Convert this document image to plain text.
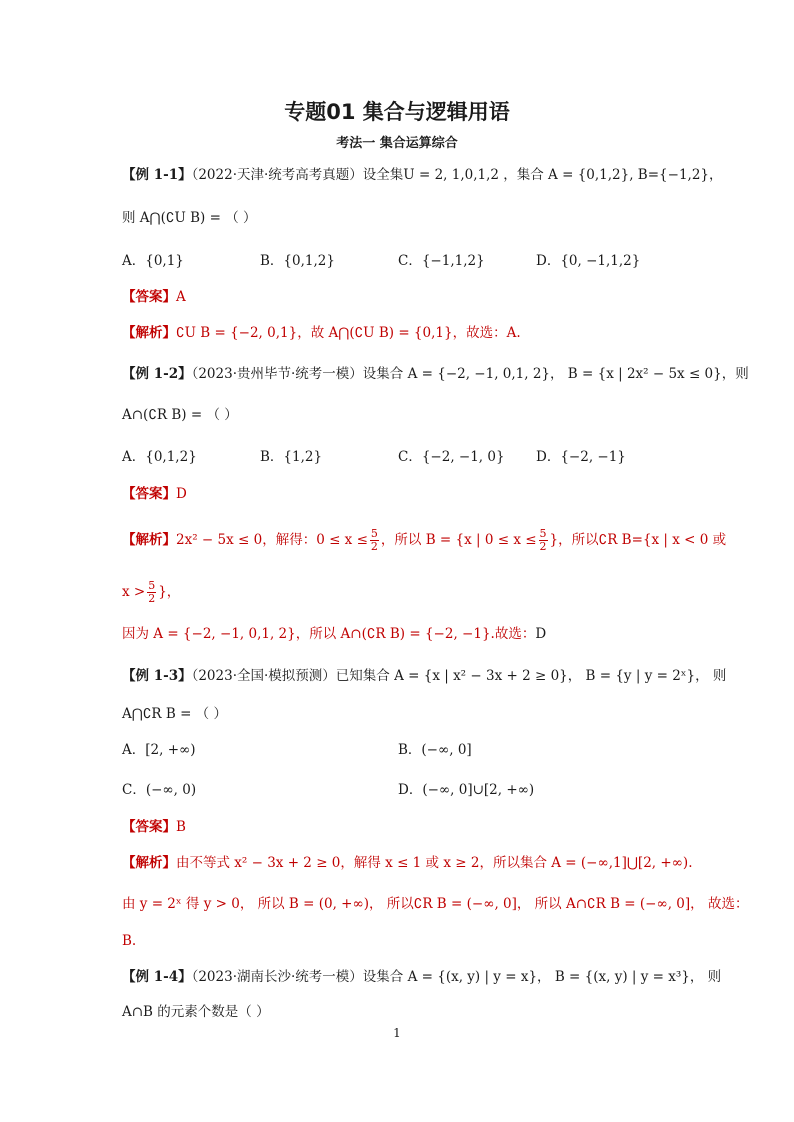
专题01 集合与逻辑用语
考法一 集合运算综合
【例 1-1】（2022·天津·统考高考真题）设全集U = 2, 1,0,1,2 ，集合 A = {0,1,2}, B={−1,2}，
则 A⋂(∁U B) = （ ）
A．{0,1}	B．{0,1,2}	C．{−1,1,2}	D．{0, −1,1,2}
【答案】A
【解析】∁U B = {−2, 0,1}，故 A⋂(∁U B) = {0,1}，故选：A.
【例 1-2】（2023·贵州毕节·统考一模）设集合 A = {−2, −1, 0,1, 2}， B = {x | 2x² − 5x ≤ 0}，则
A∩(∁R B) = （ ）
A．{0,1,2}	B．{1,2}	C．{−2, −1, 0} D．{−2, −1}
【答案】D
【解析】2x² − 5x ≤ 0，解得：$0 \le x \le \frac{5}{2}$ ，所以 B = {x | $0 \le x \le \frac{5}{2}$ }，所以∁R B={x | x < 0 或
$x > \frac{5}{2}$ }，
因为 A = {−2, −1, 0,1, 2}，所以 A∩(∁R B) = {−2, −1}.故选：D
【例 1-3】（2023·全国·模拟预测）已知集合 A = {x | x² − 3x + 2 ≥ 0}， B = {y | y = 2ˣ}， 则
A⋂∁R B = （ ）
A．[2, +∞)	B．(−∞, 0]
C．(−∞, 0)	D．(−∞, 0]∪[2, +∞)
【答案】B
【解析】由不等式 x² − 3x + 2 ≥ 0，解得 x ≤ 1 或 x ≥ 2，所以集合 A = (−∞,1]⋃[2, +∞).
由 y = 2ˣ 得 y > 0， 所以 B = (0, +∞)， 所以∁R B = (−∞, 0]， 所以 A∩∁R B = (−∞, 0]， 故选：
B.
【例 1-4】（2023·湖南长沙·统考一模）设集合 A = {(x, y) | y = x}， B = {(x, y) | y = x³}， 则
A∩B 的元素个数是（ ）
1
